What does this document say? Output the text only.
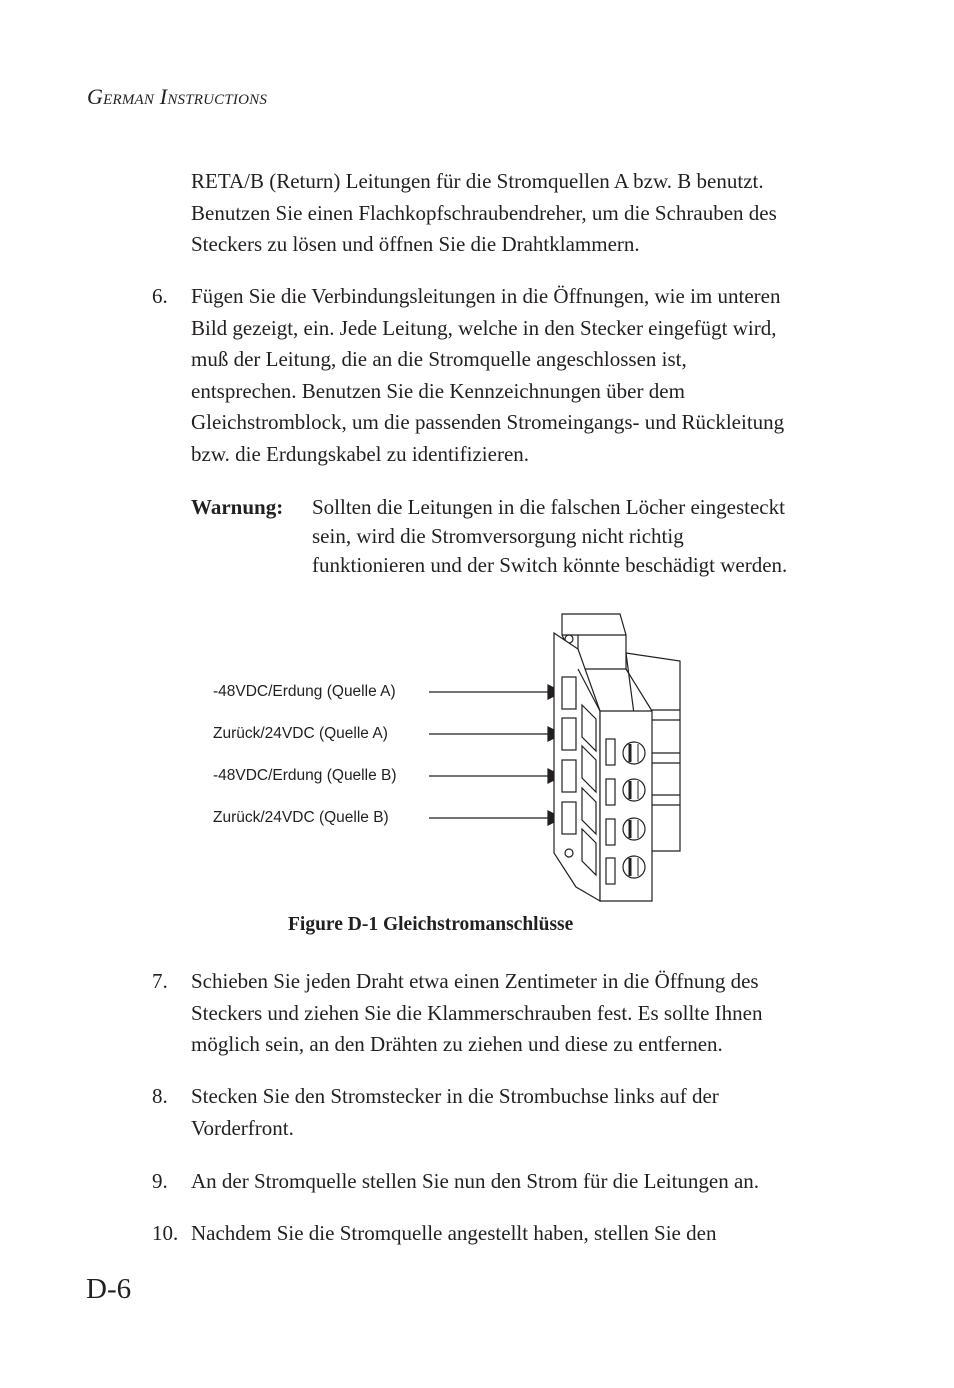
GERMAN INSTRUCTIONS
RETA/B (Return) Leitungen für die Stromquellen A bzw. B benutzt.
Benutzen Sie einen Flachkopfschraubendreher, um die Schrauben des
Steckers zu lösen und öffnen Sie die Drahtklammern.
6. Fügen Sie die Verbindungsleitungen in die Öffnungen, wie im unteren
Bild gezeigt, ein. Jede Leitung, welche in den Stecker eingefügt wird,
muß der Leitung, die an die Stromquelle angeschlossen ist,
entsprechen. Benutzen Sie die Kennzeichnungen über dem
Gleichstromblock, um die passenden Stromeingangs- und Rückleitung
bzw. die Erdungskabel zu identifizieren.
Warnung: Sollten die Leitungen in die falschen Löcher eingesteckt
sein, wird die Stromversorgung nicht richtig
funktionieren und der Switch könnte beschädigt werden.
-48VDC/Erdung (Quelle A)
Zurück/24VDC (Quelle A)
-48VDC/Erdung (Quelle B)
Zurück/24VDC (Quelle B)
Figure D-1 Gleichstromanschlüsse
7. Schieben Sie jeden Draht etwa einen Zentimeter in die Öffnung des
Steckers und ziehen Sie die Klammerschrauben fest. Es sollte Ihnen
möglich sein, an den Drähten zu ziehen und diese zu entfernen.
8. Stecken Sie den Stromstecker in die Strombuchse links auf der
Vorderfront.
9. An der Stromquelle stellen Sie nun den Strom für die Leitungen an.
10. Nachdem Sie die Stromquelle angestellt haben, stellen Sie den
D-6
